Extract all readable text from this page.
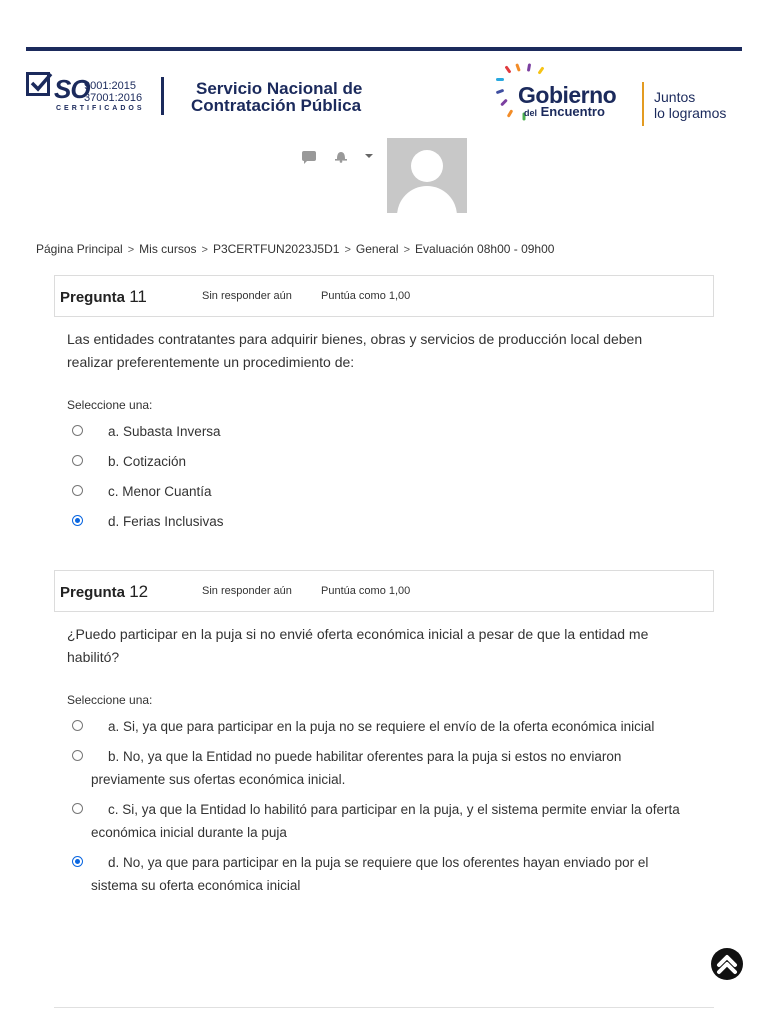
SO
9001:2015
37001:2016
CERTIFICADOS
Servicio Nacional de
Contratación Pública	Gobierno
del Encuentro
Juntos
lo logramos
Página Principal > Mis cursos > P3CERTFUN2023J5D1 > General > Evaluación 08h00 - 09h00
Pregunta 11	Sin responder aún	Puntúa como 1,00
Las entidades contratantes para adquirir bienes, obras y servicios de producción local deben realizar preferentemente un procedimiento de:
Seleccione una:
a. Subasta Inversa
b. Cotización
c. Menor Cuantía
d. Ferias Inclusivas
Pregunta 12	Sin responder aún	Puntúa como 1,00
¿Puedo participar en la puja si no envié oferta económica inicial a pesar de que la entidad me habilitó?
Seleccione una:
a. Si, ya que para participar en la puja no se requiere el envío de la oferta económica inicial
b. No, ya que la Entidad no puede habilitar oferentes para la puja si estos no enviaron previamente sus ofertas económica inicial.
c. Si, ya que la Entidad lo habilitó para participar en la puja, y el sistema permite enviar la oferta económica inicial durante la puja
d. No, ya que para participar en la puja se requiere que los oferentes hayan enviado por el sistema su oferta económica inicial
